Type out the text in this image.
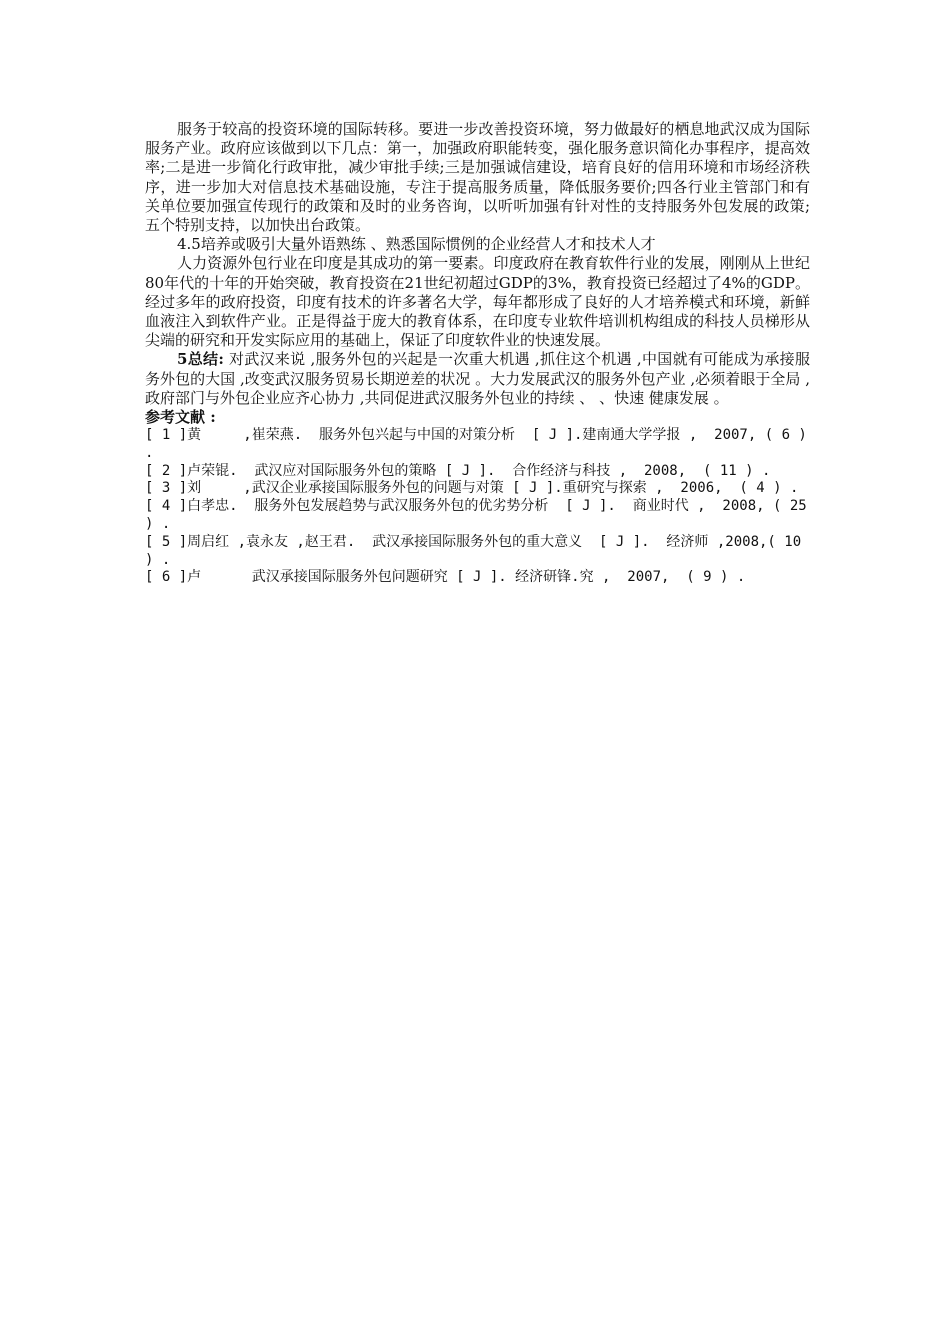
服务于较高的投资环境的国际转移。要进一步改善投资环境，努力做最好的栖息地武汉成为国际服务产业。政府应该做到以下几点：第一，加强政府职能转变，强化服务意识简化办事程序，提高效率;二是进一步简化行政审批，减少审批手续;三是加强诚信建设，培育良好的信用环境和市场经济秩序，进一步加大对信息技术基础设施，专注于提高服务质量，降低服务要价;四各行业主管部门和有关单位要加强宣传现行的政策和及时的业务咨询，以听听加强有针对性的支持服务外包发展的政策;五个特别支持，以加快出台政策。

4.5培养或吸引大量外语熟练 、熟悉国际惯例的企业经营人才和技术人才

人力资源外包行业在印度是其成功的第一要素。印度政府在教育软件行业的发展，刚刚从上世纪80年代的十年的开始突破，教育投资在21世纪初超过GDP的3%，教育投资已经超过了4%的GDP。经过多年的政府投资，印度有技术的许多著名大学，每年都形成了良好的人才培养模式和环境，新鲜血液注入到软件产业。正是得益于庞大的教育体系，在印度专业软件培训机构组成的科技人员梯形从尖端的研究和开发实际应用的基础上，保证了印度软件业的快速发展。

5总结: 对武汉来说 ,服务外包的兴起是一次重大机遇 ,抓住这个机遇 ,中国就有可能成为承接服务外包的大国 ,改变武汉服务贸易长期逆差的状况 。大力发展武汉的服务外包产业 ,必须着眼于全局 ,政府部门与外包企业应齐心协力 ,共同促进武汉服务外包业的持续 、 、快速 健康发展 。

参考文献 :

[ 1 ]黄     ,崔荣燕.  服务外包兴起与中国的对策分析  [ J ].建南通大学学报 ,  2007, ( 6 ) .

[ 2 ]卢荣锟.  武汉应对国际服务外包的策略 [ J ].  合作经济与科技 ,  2008,  ( 11 ) .

[ 3 ]刘     ,武汉企业承接国际服务外包的问题与对策 [ J ].重研究与探索 ,  2006,  ( 4 ) .

[ 4 ]白孝忠.  服务外包发展趋势与武汉服务外包的优劣势分析  [ J ].  商业时代 ,  2008, ( 25 ) .

[ 5 ]周启红 ,袁永友 ,赵王君.  武汉承接国际服务外包的重大意义  [ J ].  经济师 ,2008,( 10 ) .

[ 6 ]卢      武汉承接国际服务外包问题研究 [ J ]. 经济研锋.究 ,  2007,  ( 9 ) .
